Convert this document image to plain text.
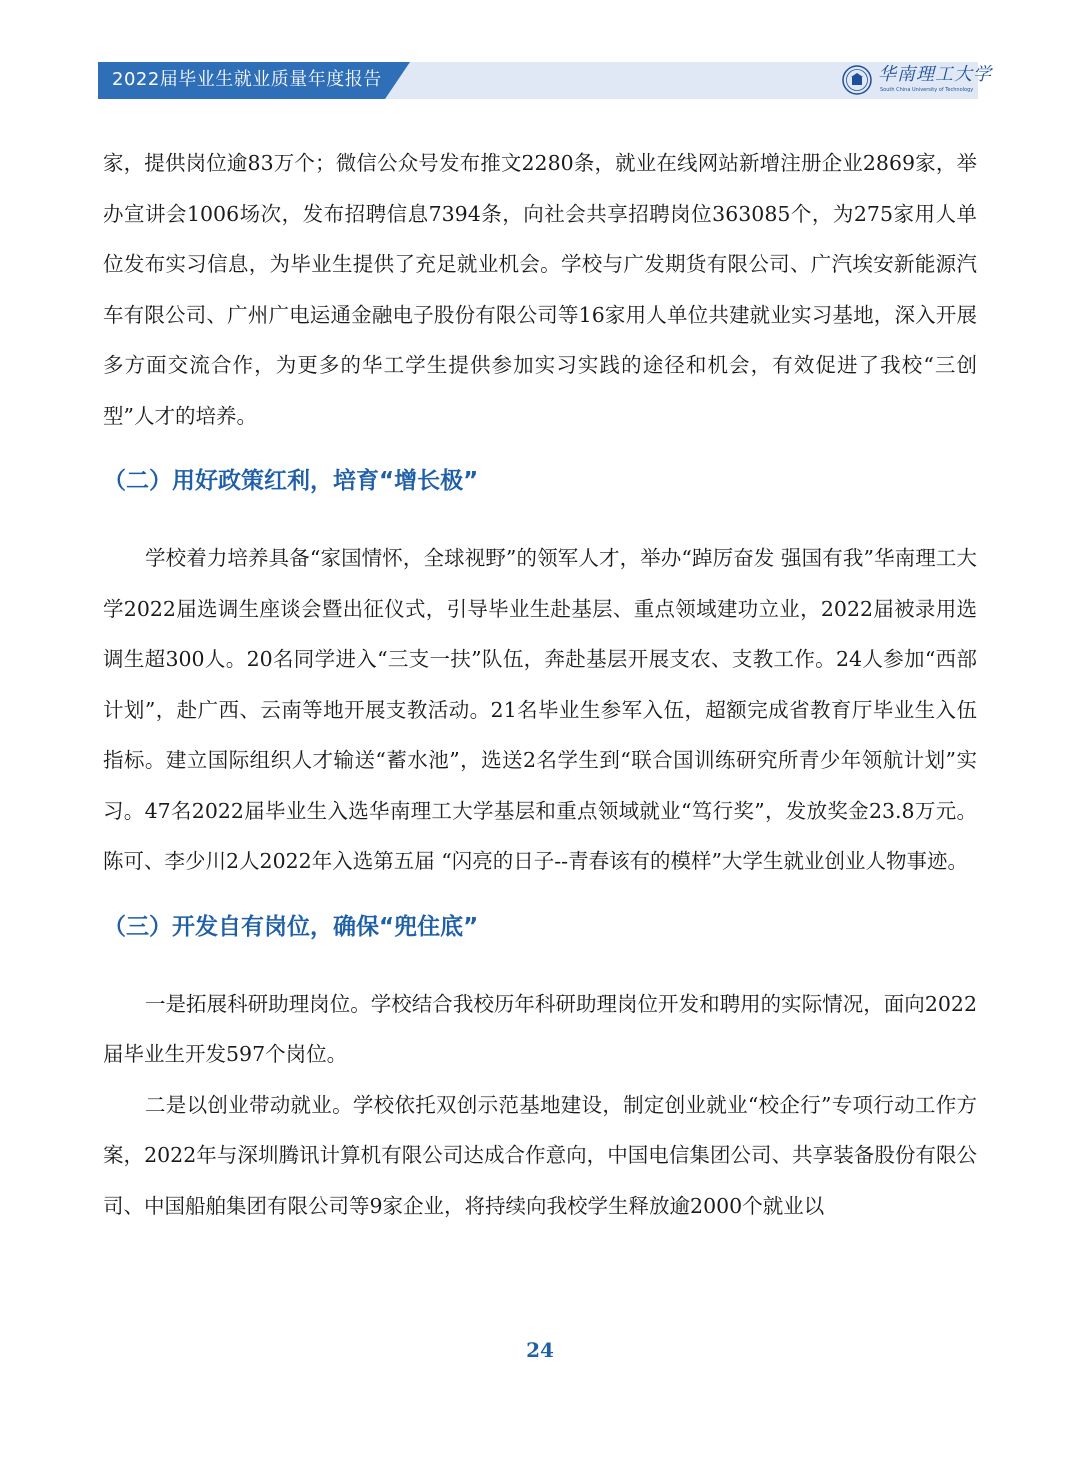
2022届毕业生就业质量年度报告	华南理工大学
South China University of Technology

家，提供岗位逾83万个；微信公众号发布推文2280条，就业在线网站新增注册企业2869家，举办宣讲会1006场次，发布招聘信息7394条，向社会共享招聘岗位363085个，为275家用人单位发布实习信息，为毕业生提供了充足就业机会。学校与广发期货有限公司、广汽埃安新能源汽车有限公司、广州广电运通金融电子股份有限公司等16家用人单位共建就业实习基地，深入开展多方面交流合作，为更多的华工学生提供参加实习实践的途径和机会，有效促进了我校“三创型”人才的培养。

（二）用好政策红利，培育“增长极”

学校着力培养具备“家国情怀，全球视野”的领军人才，举办“踔厉奋发 强国有我”华南理工大学2022届选调生座谈会暨出征仪式，引导毕业生赴基层、重点领域建功立业，2022届被录用选调生超300人。20名同学进入“三支一扶”队伍，奔赴基层开展支农、支教工作。24人参加“西部计划”，赴广西、云南等地开展支教活动。21名毕业生参军入伍，超额完成省教育厅毕业生入伍指标。建立国际组织人才输送“蓄水池”，选送2名学生到“联合国训练研究所青少年领航计划”实习。47名2022届毕业生入选华南理工大学基层和重点领域就业“笃行奖”，发放奖金23.8万元。陈可、李少川2人2022年入选第五届 “闪亮的日子--青春该有的模样”大学生就业创业人物事迹。

（三）开发自有岗位，确保“兜住底”

一是拓展科研助理岗位。学校结合我校历年科研助理岗位开发和聘用的实际情况，面向2022届毕业生开发597个岗位。

二是以创业带动就业。学校依托双创示范基地建设，制定创业就业“校企行”专项行动工作方案，2022年与深圳腾讯计算机有限公司达成合作意向，中国电信集团公司、共享装备股份有限公司、中国船舶集团有限公司等9家企业，将持续向我校学生释放逾2000个就业以

24
